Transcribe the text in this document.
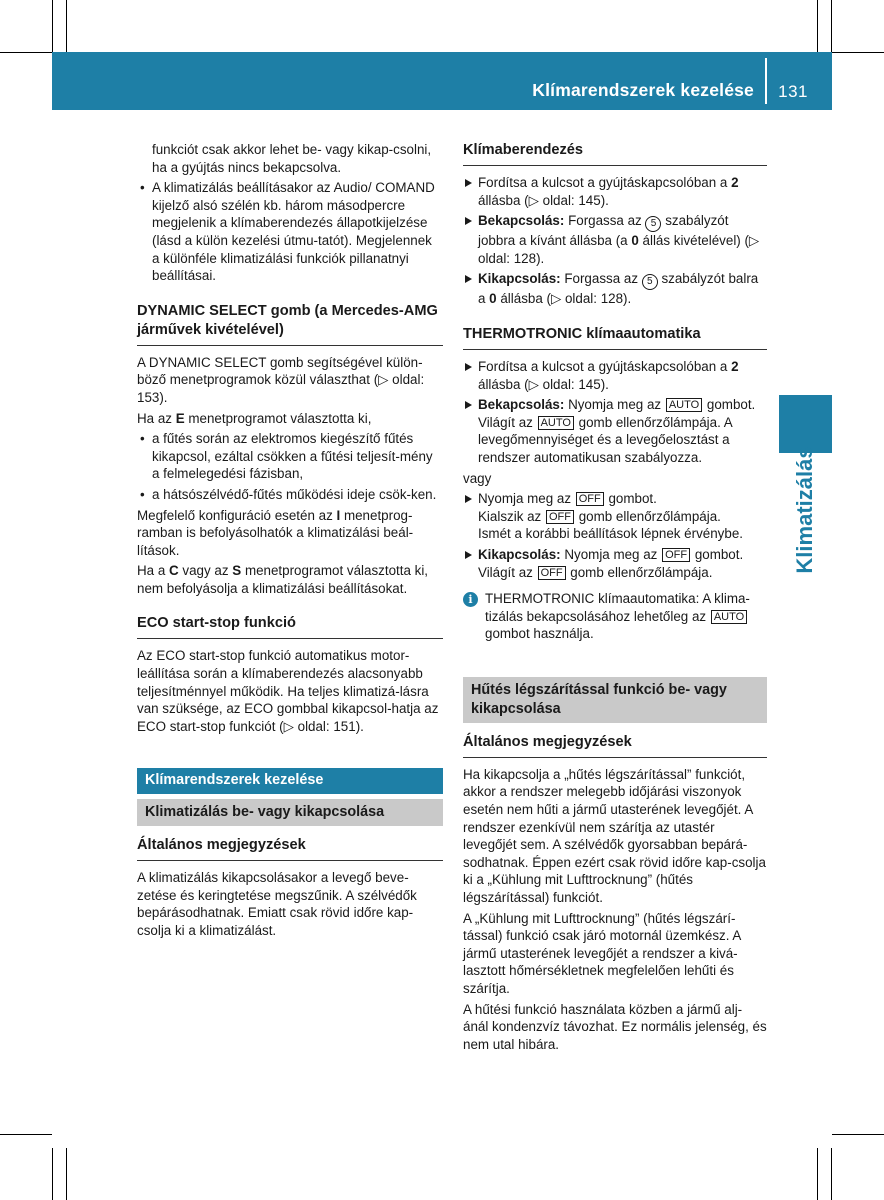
Klímarendszerek kezelése 131
Klimatizálás

funkciót csak akkor lehet be- vagy kikap-csolni, ha a gyújtás nincs bekapcsolva.

• A klimatizálás beállításakor az Audio/ COMAND kijelző alsó szélén kb. három másodpercre megjelenik a klímaberendezés állapotkijelzése (lásd a külön kezelési útmu-tatót). Megjelennek a különféle klimatizálási funkciók pillanatnyi beállításai.
DYNAMIC SELECT gomb (a Mercedes-AMG járművek kivételével)

A DYNAMIC SELECT gomb segítségével külön-böző menetprogramok közül választhat (▷ oldal: 153).

Ha az E menetprogramot választotta ki,

• a fűtés során az elektromos kiegészítő fűtés kikapcsol, ezáltal csökken a fűtési teljesít-mény a felmelegedési fázisban,
• a hátsószélvédő-fűtés működési ideje csök-ken.

Megfelelő konfiguráció esetén az I menetprog-ramban is befolyásolhatók a klimatizálási beál-lítások.

Ha a C vagy az S menetprogramot választotta ki, nem befolyásolja a klimatizálási beállításokat.

ECO start-stop funkció

Az ECO start-stop funkció automatikus motor-leállítása során a klímaberendezés alacsonyabb teljesítménnyel működik. Ha teljes klimatizá-lásra van szüksége, az ECO gombbal kikapcsol-hatja az ECO start-stop funkciót (▷ oldal: 151).

Klímarendszerek kezelése
Klimatizálás be- vagy kikapcsolása
Általános megjegyzések

A klimatizálás kikapcsolásakor a levegő beve-zetése és keringtetése megszűnik. A szélvédők bepárásodhatnak. Emiatt csak rövid időre kap-csolja ki a klimatizálást.

Klímaberendezés
Fordítsa a kulcsot a gyújtáskapcsolóban a 2 állásba (▷ oldal: 145).
Bekapcsolás: Forgassa az 5 szabályzót jobbra a kívánt állásba (a 0 állás kivételével) (▷ oldal: 128).
Kikapcsolás: Forgassa az 5 szabályzót balra a 0 állásba (▷ oldal: 128).
THERMOTRONIC klímaautomatika
Fordítsa a kulcsot a gyújtáskapcsolóban a 2 állásba (▷ oldal: 145).
Bekapcsolás: Nyomja meg az AUTO gombot. Világít az AUTO gomb ellenőrzőlámpája. A levegőmennyiséget és a levegőelosztást a rendszer automatikusan szabályozza.

vagy

Nyomja meg az OFF gombot.
Kialszik az OFF gomb ellenőrzőlámpája.
Ismét a korábbi beállítások lépnek érvénybe.
Kikapcsolás: Nyomja meg az OFF gombot.
Világít az OFF gomb ellenőrzőlámpája.
i THERMOTRONIC klímaautomatika: A klima-tizálás bekapcsolásához lehetőleg az AUTO gombot használja.
Hűtés légszárítással funkció be- vagy kikapcsolása
Általános megjegyzések

Ha kikapcsolja a „hűtés légszárítással” funkciót, akkor a rendszer melegebb időjárási viszonyok esetén nem hűti a jármű utasterének levegőjét. A rendszer ezenkívül nem szárítja az utastér levegőjét sem. A szélvédők gyorsabban bepárá-sodhatnak. Éppen ezért csak rövid időre kap-csolja ki a „Kühlung mit Lufttrocknung” (hűtés légszárítással) funkciót.

A „Kühlung mit Lufttrocknung” (hűtés légszárí-tással) funkció csak járó motornál üzemkész. A jármű utasterének levegőjét a rendszer a kivá-lasztott hőmérsékletnek megfelelően lehűti és szárítja.

A hűtési funkció használata közben a jármű alj-ánál kondenzvíz távozhat. Ez normális jelenség, és nem utal hibára.
